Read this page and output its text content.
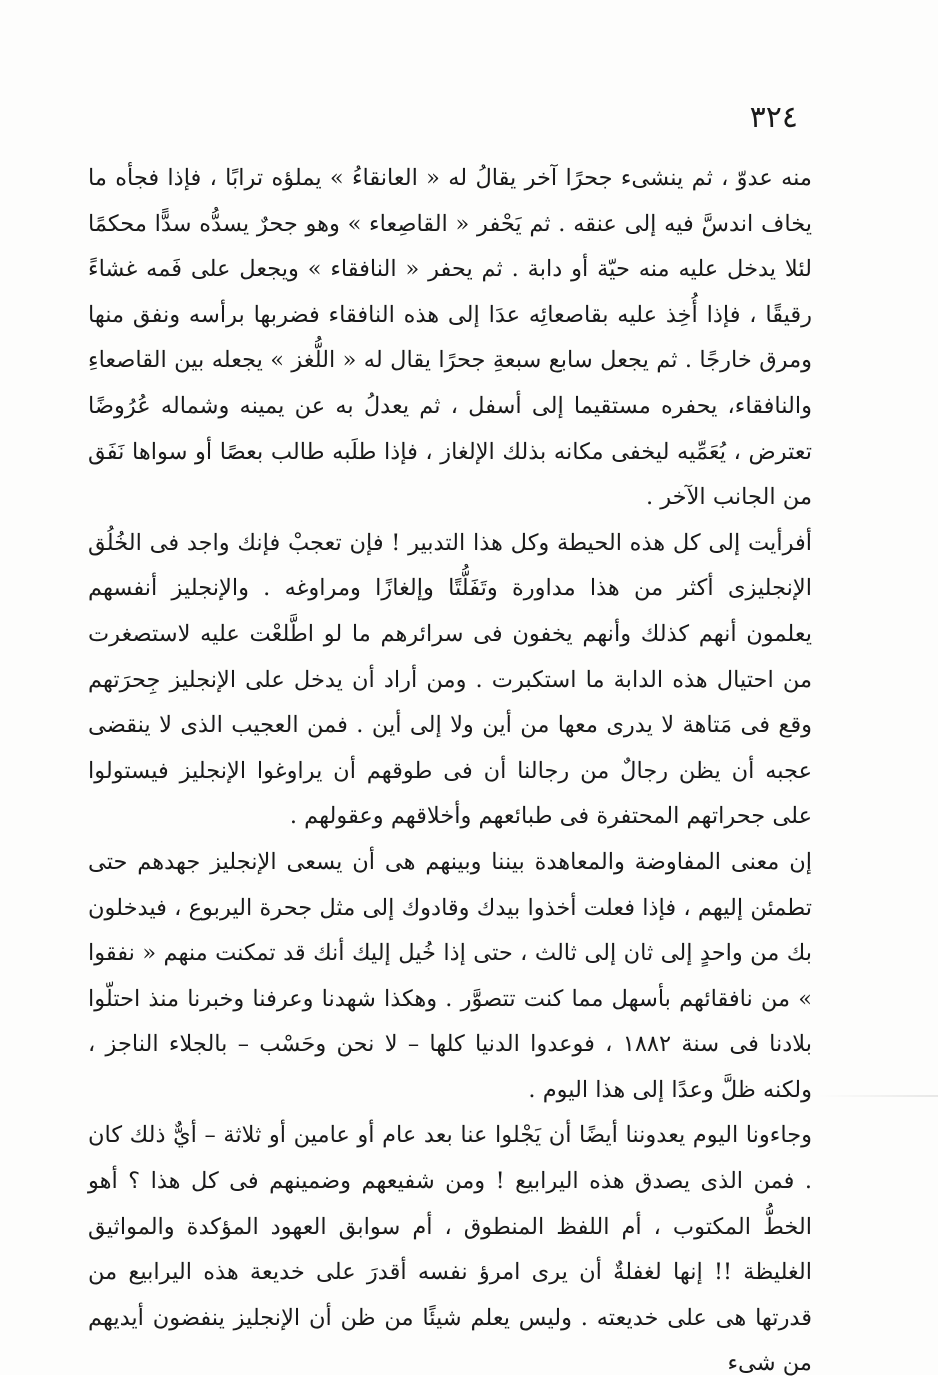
٣٢٤

منه عدوّ ، ثم ينشىء جحرًا آخر يقالُ له « العانقاءُ » يملؤه ترابًا ، فإذا فجأه ما يخاف اندسَّ فيه إلى عنقه . ثم يَحْفر « القاصِعاء » وهو جحرٌ يسدُّه سدًّا محكمًا لئلا يدخل عليه منه حيّة أو دابة . ثم يحفر « النافقاء » ويجعل على فَمه غشاءً رقيقًا ، فإذا أُخِذ عليه بقاصعائِه عدَا إلى هذه النافقاء فضربها برأسه ونفق منها ومرق خارجًا . ثم يجعل سابع سبعةِ جحرًا يقال له « اللُّغز » يجعله بين القاصعاءِ والنافقاء، يحفره مستقيما إلى أسفل ، ثم يعدلُ به عن يمينه وشماله عُرُوضًا تعترض ، يُعَمِّيه ليخفى مكانه بذلك الإلغاز ، فإذا طلَبه طالب بعصًا أو سواها نَفَق من الجانب الآخر .

أفرأيت إلى كل هذه الحيطة وكل هذا التدبير ! فإن تعجبْ فإنك واجد فى الخُلُق الإنجليزى أكثر من هذا مداورة وتَفَلُّتًا وإلغازًا ومراوغه . والإنجليز أنفسهم يعلمون أنهم كذلك وأنهم يخفون فى سرائرهم ما لو اطَّلعْت عليه لاستصغرت من احتيال هذه الدابة ما استكبرت . ومن أراد أن يدخل على الإنجليز جِحرَتهم وقع فى مَتاهة لا يدرى معها من أين ولا إلى أين . فمن العجيب الذى لا ينقضى عجبه أن يظن رجالٌ من رجالنا أن فى طوقهم أن يراوغوا الإنجليز فيستولوا على جحراتهم المحتفرة فى طبائعهم وأخلاقهم وعقولهم .

إن معنى المفاوضة والمعاهدة بيننا وبينهم هى أن يسعى الإنجليز جهدهم حتى تطمئن إليهم ، فإذا فعلت أخذوا بيدك وقادوك إلى مثل جحرة اليربوع ، فيدخلون بك من واحدٍ إلى ثان إلى ثالث ، حتى إذا خُيل إليك أنك قد تمكنت منهم « نفقوا » من نافقائهم بأسهل مما كنت تتصوَّر . وهكذا شهدنا وعرفنا وخبرنا منذ احتلّوا بلادنا فى سنة ١٨٨٢ ، فوعدوا الدنيا كلها – لا نحن وحَسْب – بالجلاء الناجز ، ولكنه ظلَّ وعدًا إلى هذا اليوم .

وجاءونا اليوم يعدوننا أيضًا أن يَجْلوا عنا بعد عام أو عامين أو ثلاثة – أيٌّ ذلك كان . فمن الذى يصدق هذه اليرابيع ! ومن شفيعهم وضمينهم فى كل هذا ؟ أهو الخطُّ المكتوب ، أم اللفظ المنطوق ، أم سوابق العهود المؤكدة والمواثيق الغليظة !! إنها لغفلةٌ أن يرى امرؤ نفسه أقدرَ على خديعة هذه اليرابيع من قدرتها هى على خديعته . وليس يعلم شيئًا من ظن أن الإنجليز ينفضون أيديهم من شىء
